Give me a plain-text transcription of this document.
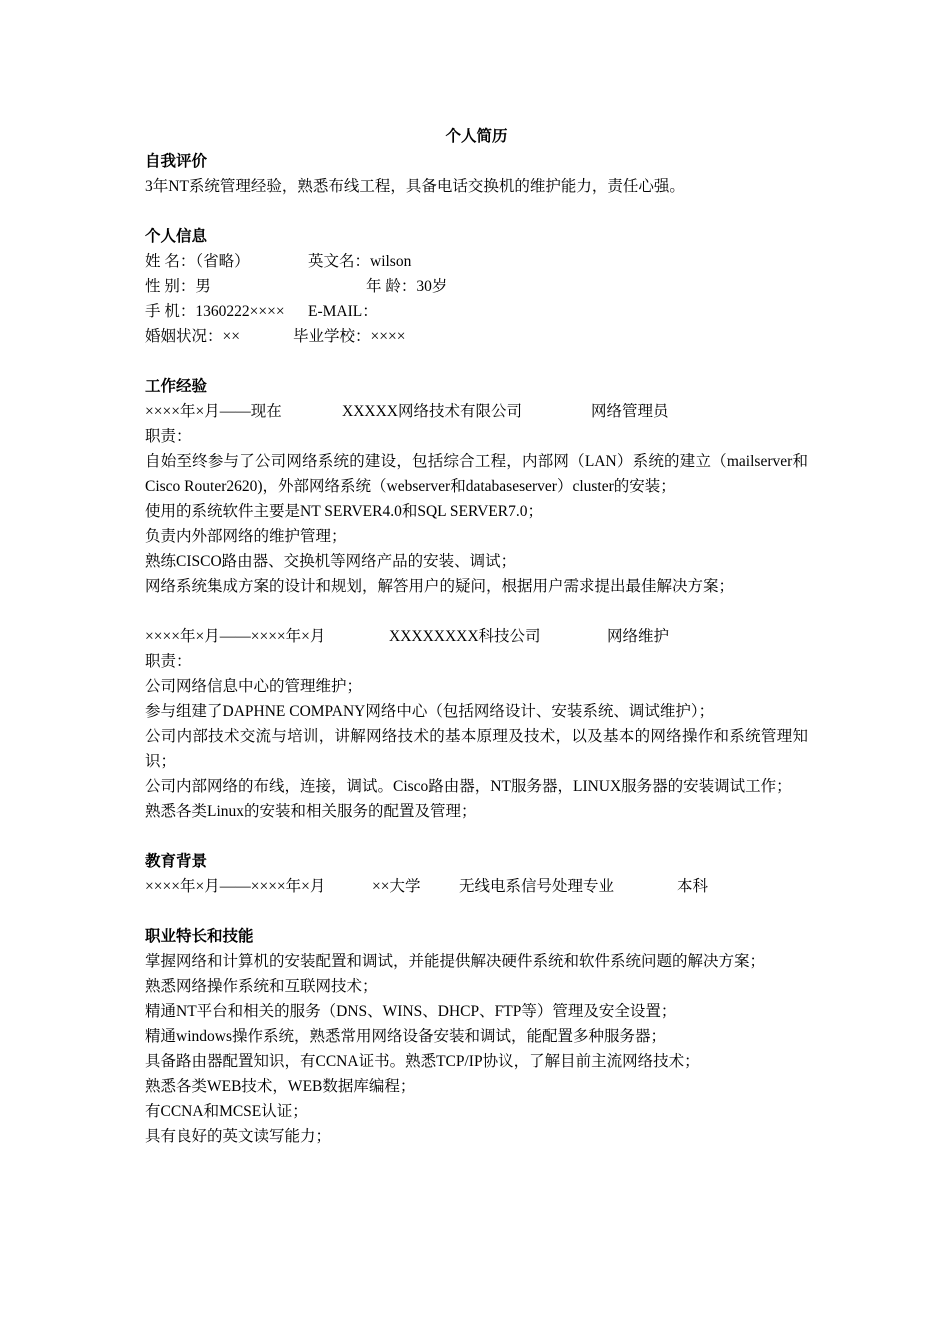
个人简历

自我评价

3年NT系统管理经验，熟悉布线工程，具备电话交换机的维护能力，责任心强。

个人信息

姓 名：（省略）	英文名：wilson
性 别：男	年 龄：30岁
手 机：1360222××××	E-MAIL：
婚姻状况：××	毕业学校：××××

工作经验

××××年×月——现在	XXXXX网络技术有限公司	网络管理员

职责：

自始至终参与了公司网络系统的建设，包括综合工程，内部网（LAN）系统的建立（mailserver和Cisco Router2620)，外部网络系统（webserver和databaseserver）cluster的安装；

使用的系统软件主要是NT SERVER4.0和SQL SERVER7.0；

负责内外部网络的维护管理；

熟练CISCO路由器、交换机等网络产品的安装、调试；

网络系统集成方案的设计和规划，解答用户的疑问，根据用户需求提出最佳解决方案；

××××年×月——××××年×月	XXXXXXXX科技公司	网络维护

职责：

公司网络信息中心的管理维护；

参与组建了DAPHNE COMPANY网络中心（包括网络设计、安装系统、调试维护）；

公司内部技术交流与培训，讲解网络技术的基本原理及技术，以及基本的网络操作和系统管理知识；

公司内部网络的布线，连接，调试。Cisco路由器，NT服务器，LINUX服务器的安装调试工作；

熟悉各类Linux的安装和相关服务的配置及管理；

教育背景

××××年×月——××××年×月	××大学	无线电系信号处理专业	本科

职业特长和技能

掌握网络和计算机的安装配置和调试，并能提供解决硬件系统和软件系统问题的解决方案；

熟悉网络操作系统和互联网技术；

精通NT平台和相关的服务（DNS、WINS、DHCP、FTP等）管理及安全设置；

精通windows操作系统，熟悉常用网络设备安装和调试，能配置多种服务器；

具备路由器配置知识，有CCNA证书。熟悉TCP/IP协议，了解目前主流网络技术；

熟悉各类WEB技术，WEB数据库编程；

有CCNA和MCSE认证；

具有良好的英文读写能力；
